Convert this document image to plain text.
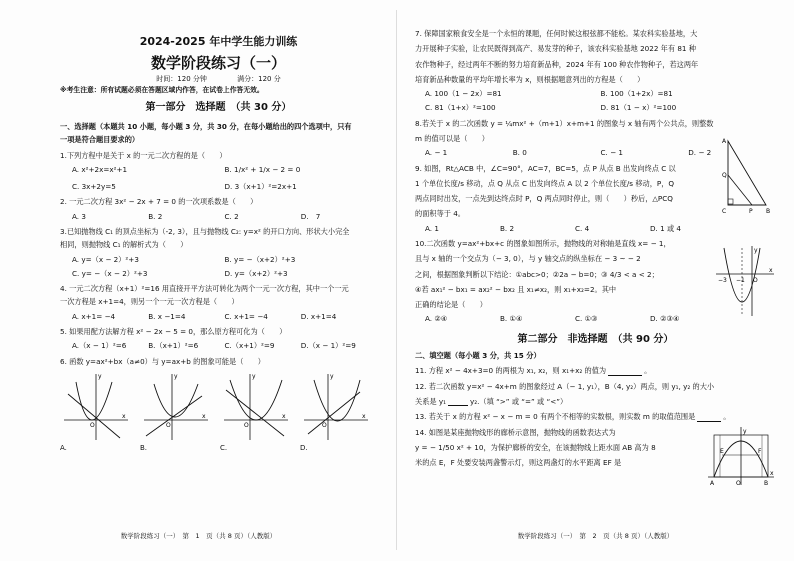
2024-2025 年中学生能力训练

数学阶段练习（一）

时间：120 分钟	满分：120 分

※考生注意：所有试题必须在答题区域内作答，在试卷上作答无效。

第一部分　选择题　（共 30 分）

一、选择题（本题共 10 小题，每小题 3 分，共 30 分，在每小题给出的四个选项中，只有

一项是符合题目要求的）

1.下列方程中是关于 x 的一元二次方程的是（　　）

A. x²+2x=x²+1	B. 1/x² + 1/x − 2 = 0
C. 3x+2y=5	D. 3（x+1）²=2x+1

2. 一元二次方程 3x² − 2x + 7 = 0 的一次项系数是（　　）

A. 3	B. 2	C. 2	D.　7

3.已知抛物线 C₁ 的顶点坐标为（-2, 3），且与抛物线 C₂: y=x² 的开口方向、形状大小完全

相同，则抛物线 C₁ 的解析式为（　　）

A. y=（x − 2）²+3	B. y= −（x+2）²+3
C. y= −（x − 2）²+3	D. y=（x+2）²+3

4. 一元二次方程（x+1）²=16 用直接开平方法可转化为两个一元一次方程，其中一个一元

一次方程是 x+1=4，则另一个一元一次方程是（　　）

A. x+1= −4	B. x −1=4	C. x+1= −4	D. x+1=4

5. 如果用配方法解方程 x² − 2x − 5 = 0，那么原方程可化为（　　）

A.（x − 1）²=6	B.（x+1）²=6	C.（x+1）²=9	D.（x − 1）²=9

6. 函数 y=ax²+bx（a≠0）与 y=ax+b 的图象可能是（　　）

x
y
O
A.
x
y
O
B.
x
y
O
C.
x
y
O
D.

数学阶段练习（一）　第　1　页（共 8 页）（人教版）

7. 保障国家粮食安全是一个永恒的课题，任何时候这根弦都不能松。某农科实验基地，大

力开展种子实验，让农民既得到高产、易发芽的种子，该农科实验基地 2022 年有 81 种

农作物种子，经过两年不断的努力培育新品种，2024 年有 100 种农作物种子，若这两年

培育新品种数量的平均年增长率为 x，则根据题意列出的方程是（　　）

A. 100（1 − 2x）=81	B. 100（1+2x）=81
C. 81（1+x）²=100	D. 81（1 − x）²=100

8.若关于 x 的二次函数 y = ¼mx² +（m+1）x+m+1 的图象与 x 轴有两个公共点，则整数

m 的值可以是（　　）

A. − 1	B. 0	C. − 1	D. − 2

9. 如图，Rt△ACB 中，∠C=90°，AC=7，BC=5，点 P 从点 B 出发向终点 C 以

1 个单位长度/s 移动，点 Q 从点 C 出发向终点 A 以 2 个单位长度/s 移动，P，Q

两点同时出发，一点先到达终点时 P，Q 两点同时停止，则（　　）秒后，△PCQ

的面积等于 4。

A
Q
C	P B
A. 1	B. 2	C. 4	D. 1 或 4

10.二次函数 y=ax²+bx+c 的图象如图所示，抛物线的对称轴是直线 x= − 1，

且与 x 轴的一个交点为（− 3, 0），与 y 轴交点的纵坐标在 − 3 ~ − 2

之间，根据图象判断以下结论：①abc>0；②2a − b=0；③ 4/3 < a < 2；

④若 ax₁² − bx₁ = ax₂² − bx₂ 且 x₁≠x₂，则 x₁+x₂=2。其中

正确的结论是（　　）

−3 −1 O
x
y
A. ②④	B. ①④	C. ①③	D. ②③④

第二部分　非选择题　（共 90 分）

二、填空题（每小题 3 分，共 15 分）

11. 方程 x² − 4x+3=0 的两根为 x₁, x₂，则 x₁+x₂ 的值为	。

12. 若二次函数 y=x² − 4x+m 的图象经过 A（− 1, y₁），B（4, y₂）两点，则 y₁, y₂ 的大小

关系是 y₁	y₂.（填 “>” 或 “=” 或 “<”）

13. 若关于 x 的方程 x² − x − m = 0 有两个不相等的实数根，则实数 m 的取值范围是	。

14. 如图是某座抛物线形的廊桥示意图，抛物线的函数表达式为

y = − 1/50 x² + 10，为保护廊桥的安全，在该抛物线上距水面 AB 高为 8

米的点 E，F 处要安装两盏警示灯，则这两盏灯的水平距离 EF 是

y
E	F
A	O	B
x

数学阶段练习（一）　第　2　页（共 8 页）（人教版）
